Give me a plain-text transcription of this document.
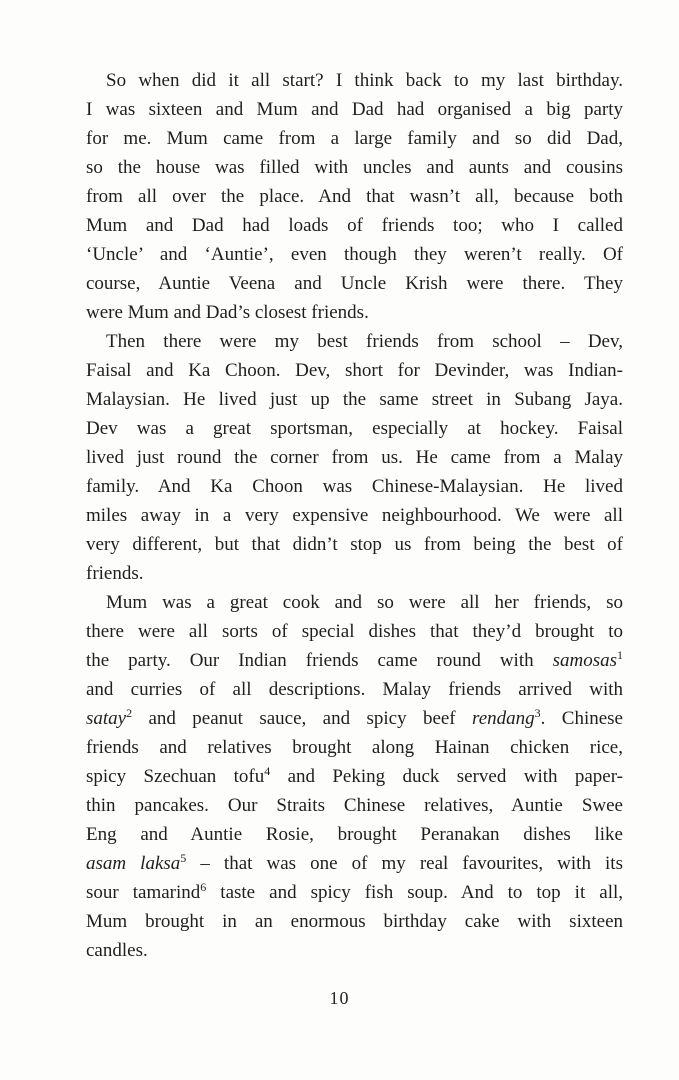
So when did it all start? I think back to my last birthday.
I was sixteen and Mum and Dad had organised a big party
for me. Mum came from a large family and so did Dad,
so the house was filled with uncles and aunts and cousins
from all over the place. And that wasn’t all, because both
Mum and Dad had loads of friends too; who I called
‘Uncle’ and ‘Auntie’, even though they weren’t really. Of
course, Auntie Veena and Uncle Krish were there. They
were Mum and Dad’s closest friends.
Then there were my best friends from school – Dev,
Faisal and Ka Choon. Dev, short for Devinder, was Indian-
Malaysian. He lived just up the same street in Subang Jaya.
Dev was a great sportsman, especially at hockey. Faisal
lived just round the corner from us. He came from a Malay
family. And Ka Choon was Chinese-Malaysian. He lived
miles away in a very expensive neighbourhood. We were all
very different, but that didn’t stop us from being the best of
friends.
Mum was a great cook and so were all her friends, so
there were all sorts of special dishes that they’d brought to
the party. Our Indian friends came round with samosas$^1$
and curries of all descriptions. Malay friends arrived with
satay$^2$ and peanut sauce, and spicy beef rendang$^3$. Chinese
friends and relatives brought along Hainan chicken rice,
spicy Szechuan tofu$^4$ and Peking duck served with paper-
thin pancakes. Our Straits Chinese relatives, Auntie Swee
Eng and Auntie Rosie, brought Peranakan dishes like
asam laksa$^5$ – that was one of my real favourites, with its
sour tamarind$^6$ taste and spicy fish soup. And to top it all,
Mum brought in an enormous birthday cake with sixteen
candles.
10
